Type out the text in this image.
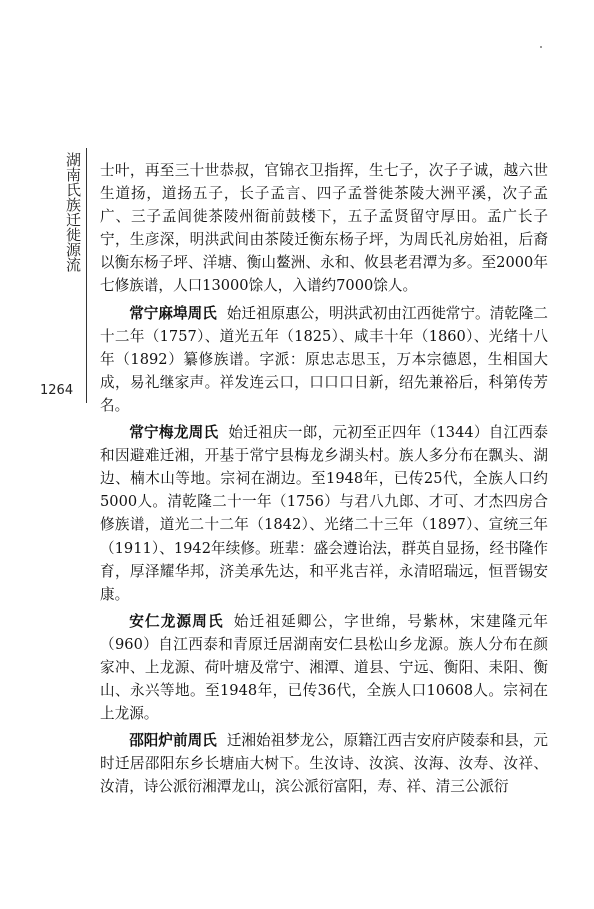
湖南氏族迁徙源流
1264

士叶，再至三十世恭叔，官锦衣卫指挥，生七子，次子子诚，越六世生道扬，道扬五子，长子孟言、四子孟誉徙茶陵大洲平溪，次子孟广、三子孟闾徙茶陵州衙前鼓楼下，五子孟贤留守厚田。孟广长子宁，生彦深，明洪武间由茶陵迁衡东杨子坪，为周氏礼房始祖，后裔以衡东杨子坪、洋塘、衡山鳌洲、永和、攸县老君潭为多。至2000年七修族谱，人口13000馀人，入谱约7000馀人。

常宁麻埠周氏 始迁祖原惠公，明洪武初由江西徙常宁。清乾隆二十二年（1757）、道光五年（1825）、咸丰十年（1860）、光绪十八年（1892）纂修族谱。字派：原忠志思玉，万本宗德恩，生相国大成，易礼继家声。祥发连云口，口口口日新，绍先兼裕后，科第传芳名。

常宁梅龙周氏 始迁祖庆一郎，元初至正四年（1344）自江西泰和因避难迁湘，开基于常宁县梅龙乡湖头村。族人多分布在飘头、湖边、楠木山等地。宗祠在湖边。至1948年，已传25代，全族人口约5000人。清乾隆二十一年（1756）与君八九郎、才可、才杰四房合修族谱，道光二十二年（1842）、光绪二十三年（1897）、宣统三年（1911）、1942年续修。班辈：盛会遵诒法，群英自显扬，经书隆作育，厚泽耀华邦，济美承先达，和平兆吉祥，永清昭瑞远，恒晋锡安康。

安仁龙源周氏 始迁祖延卿公，字世绵，号紫林，宋建隆元年（960）自江西泰和青原迁居湖南安仁县松山乡龙源。族人分布在颜家冲、上龙源、荷叶塘及常宁、湘潭、道县、宁远、衡阳、耒阳、衡山、永兴等地。至1948年，已传36代，全族人口10608人。宗祠在上龙源。

邵阳炉前周氏 迁湘始祖梦龙公，原籍江西吉安府庐陵泰和县，元时迁居邵阳东乡长塘庙大树下。生汝诗、汝滨、汝海、汝寿、汝祥、汝清，诗公派衍湘潭龙山，滨公派衍富阳，寿、祥、清三公派衍
